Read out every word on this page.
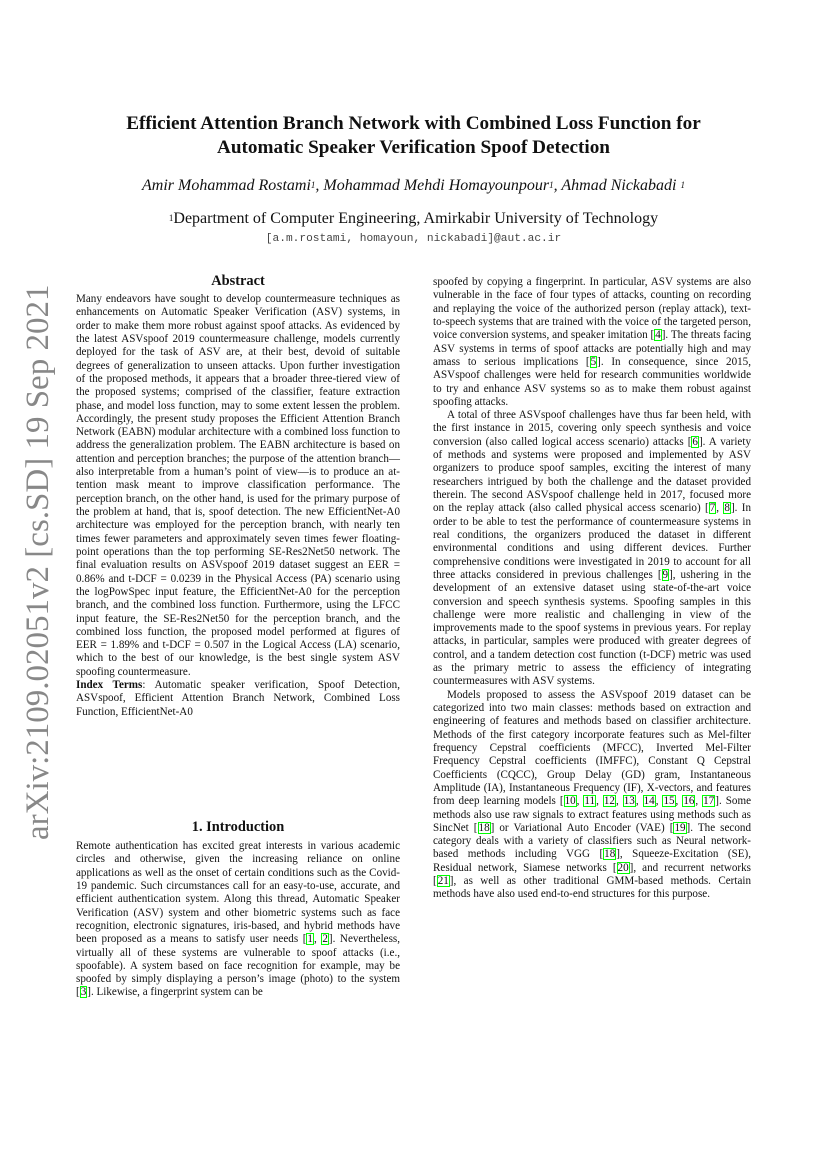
arXiv:2109.02051v2 [cs.SD] 19 Sep 2021
Efficient Attention Branch Network with Combined Loss Function for
Automatic Speaker Verification Spoof Detection
Amir Mohammad Rostami$^1$, Mohammad Mehdi Homayounpour$^1$, Ahmad Nickabadi $^1$
$^1$Department of Computer Engineering, Amirkabir University of Technology
[a.m.rostami, homayoun, nickabadi]@aut.ac.ir
Abstract

Many endeavors have sought to develop countermeasure techniques as enhancements on Automatic Speaker Verification (ASV) systems, in order to make them more robust against spoof attacks. As evidenced by the latest ASVspoof 2019 countermeasure challenge, models currently deployed for the task of ASV are, at their best, devoid of suitable degrees of generalization to unseen attacks. Upon further investigation of the proposed methods, it appears that a broader three-tiered view of the proposed systems; comprised of the classifier, feature extraction phase, and model loss function, may to some extent lessen the problem. Accordingly, the present study proposes the Efficient Attention Branch Network (EABN) modular architecture with a combined loss function to address the generalization problem. The EABN architecture is based on attention and perception branches; the purpose of the attention branch—also interpretable from a human’s point of view—is to produce an attention mask meant to improve classification performance. The perception branch, on the other hand, is used for the primary purpose of the problem at hand, that is, spoof detection. The new EfficientNet-A0 architecture was employed for the perception branch, with nearly ten times fewer parameters and approximately seven times fewer floating-point operations than the top performing SE-Res2Net50 network. The final evaluation results on ASVspoof 2019 dataset suggest an EER = 0.86% and t-DCF = 0.0239 in the Physical Access (PA) scenario using the logPowSpec input feature, the EfficientNet-A0 for the perception branch, and the combined loss function. Furthermore, using the LFCC input feature, the SE-Res2Net50 for the perception branch, and the combined loss function, the proposed model performed at figures of EER = 1.89% and t-DCF = 0.507 in the Logical Access (LA) scenario, which to the best of our knowledge, is the best single system ASV spoofing countermeasure.

Index Terms: Automatic speaker verification, Spoof Detection, ASVspoof, Efficient Attention Branch Network, Combined Loss Function, EfficientNet-A0

1. Introduction

Remote authentication has excited great interests in various academic circles and otherwise, given the increasing reliance on online applications as well as the onset of certain conditions such as the Covid-19 pandemic. Such circumstances call for an easy-to-use, accurate, and efficient authentication system. Along this thread, Automatic Speaker Verification (ASV) system and other biometric systems such as face recognition, electronic signatures, iris-based, and hybrid methods have been proposed as a means to satisfy user needs [1, 2]. Nevertheless, virtually all of these systems are vulnerable to spoof attacks (i.e., spoofable). A system based on face recognition for example, may be spoofed by simply displaying a person’s image (photo) to the system [3]. Likewise, a fingerprint system can be

spoofed by copying a fingerprint. In particular, ASV systems are also vulnerable in the face of four types of attacks, counting on recording and replaying the voice of the authorized person (replay attack), text-to-speech systems that are trained with the voice of the targeted person, voice conversion systems, and speaker imitation [4]. The threats facing ASV systems in terms of spoof attacks are potentially high and may amass to serious implications [5]. In consequence, since 2015, ASVspoof challenges were held for research communities worldwide to try and enhance ASV systems so as to make them robust against spoofing attacks.

A total of three ASVspoof challenges have thus far been held, with the first instance in 2015, covering only speech synthesis and voice conversion (also called logical access scenario) attacks [6]. A variety of methods and systems were proposed and implemented by ASV organizers to produce spoof samples, exciting the interest of many researchers intrigued by both the challenge and the dataset provided therein. The second ASVspoof challenge held in 2017, focused more on the replay attack (also called physical access scenario) [7, 8]. In order to be able to test the performance of countermeasure systems in real conditions, the organizers produced the dataset in different environmental conditions and using different devices. Further comprehensive conditions were investigated in 2019 to account for all three attacks considered in previous challenges [9], ushering in the development of an extensive dataset using state-of-the-art voice conversion and speech synthesis systems. Spoofing samples in this challenge were more realistic and challenging in view of the improvements made to the spoof systems in previous years. For replay attacks, in particular, samples were produced with greater degrees of control, and a tandem detection cost function (t-DCF) metric was used as the primary metric to assess the efficiency of integrating countermeasures with ASV systems.

Models proposed to assess the ASVspoof 2019 dataset can be categorized into two main classes: methods based on extraction and engineering of features and methods based on classifier architecture. Methods of the first category incorporate features such as Mel-filter frequency Cepstral coefficients (MFCC), Inverted Mel-Filter Frequency Cepstral coefficients (IMFFC), Constant Q Cepstral Coefficients (CQCC), Group Delay (GD) gram, Instantaneous Amplitude (IA), Instantaneous Frequency (IF), X-vectors, and features from deep learning models [10, 11, 12, 13, 14, 15, 16, 17]. Some methods also use raw signals to extract features using methods such as SincNet [18] or Variational Auto Encoder (VAE) [19]. The second category deals with a variety of classifiers such as Neural network-based methods including VGG [18], Squeeze-Excitation (SE), Residual network, Siamese networks [20], and recurrent networks [21], as well as other traditional GMM-based methods. Certain methods have also used end-to-end structures for this purpose.
